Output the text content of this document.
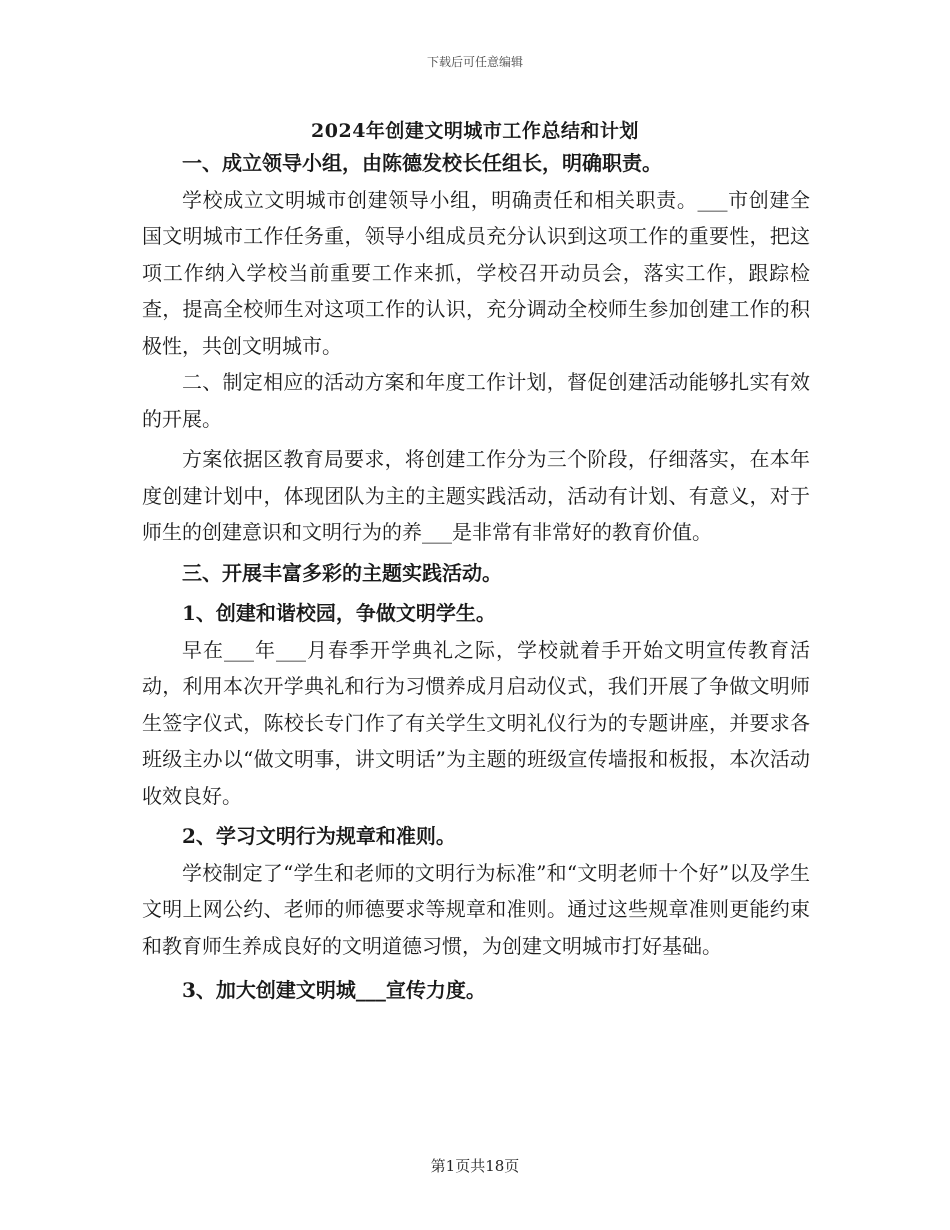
下载后可任意编辑
2024年创建文明城市工作总结和计划

一、成立领导小组，由陈德发校长任组长，明确职责。

学校成立文明城市创建领导小组，明确责任和相关职责。___市创建全国文明城市工作任务重，领导小组成员充分认识到这项工作的重要性，把这项工作纳入学校当前重要工作来抓，学校召开动员会，落实工作，跟踪检查，提高全校师生对这项工作的认识，充分调动全校师生参加创建工作的积极性，共创文明城市。

二、制定相应的活动方案和年度工作计划，督促创建活动能够扎实有效的开展。

方案依据区教育局要求，将创建工作分为三个阶段，仔细落实，在本年度创建计划中，体现团队为主的主题实践活动，活动有计划、有意义，对于师生的创建意识和文明行为的养___是非常有非常好的教育价值。

三、开展丰富多彩的主题实践活动。

1、创建和谐校园，争做文明学生。

早在___年___月春季开学典礼之际，学校就着手开始文明宣传教育活动，利用本次开学典礼和行为习惯养成月启动仪式，我们开展了争做文明师生签字仪式，陈校长专门作了有关学生文明礼仪行为的专题讲座，并要求各班级主办以“做文明事，讲文明话”为主题的班级宣传墙报和板报，本次活动收效良好。

2、学习文明行为规章和准则。

学校制定了“学生和老师的文明行为标准”和“文明老师十个好”以及学生文明上网公约、老师的师德要求等规章和准则。通过这些规章准则更能约束和教育师生养成良好的文明道德习惯，为创建文明城市打好基础。

3、加大创建文明城___宣传力度。

第1页共18页
